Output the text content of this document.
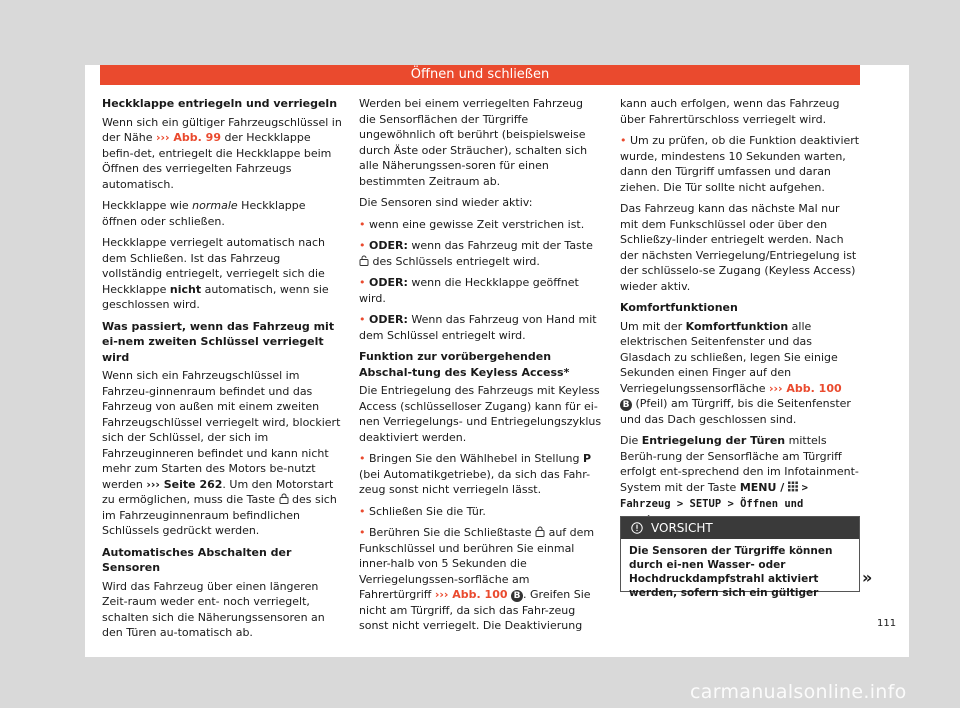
Öffnen und schließen
Heckklappe entriegeln und verriegeln

Wenn sich ein gültiger Fahrzeugschlüssel in der Nähe ››› Abb. 99 der Heckklappe befin-det, entriegelt die Heckklappe beim Öffnen des verriegelten Fahrzeugs automatisch.

Heckklappe wie normale Heckklappe öffnen oder schließen.

Heckklappe verriegelt automatisch nach dem Schließen. Ist das Fahrzeug vollständig entriegelt, verriegelt sich die Heckklappe nicht automatisch, wenn sie geschlossen wird.

Was passiert, wenn das Fahrzeug mit ei-nem zweiten Schlüssel verriegelt wird

Wenn sich ein Fahrzeugschlüssel im Fahrzeu-ginnenraum befindet und das Fahrzeug von außen mit einem zweiten Fahrzeugschlüssel verriegelt wird, blockiert sich der Schlüssel, der sich im Fahrzeuginneren befindet und kann nicht mehr zum Starten des Motors be-nutzt werden ››› Seite 262. Um den Motorstart zu ermöglichen, muss die Taste  des sich im Fahrzeuginnenraum befindlichen Schlüssels gedrückt werden.

Automatisches Abschalten der Sensoren

Wird das Fahrzeug über einen längeren Zeit-raum weder ent- noch verriegelt, schalten sich die Näherungssensoren an den Türen au-tomatisch ab.

Werden bei einem verriegelten Fahrzeug die Sensorflächen der Türgriffe ungewöhnlich oft berührt (beispielsweise durch Äste oder Sträucher), schalten sich alle Näherungssen-soren für einen bestimmten Zeitraum ab.

Die Sensoren sind wieder aktiv:

• wenn eine gewisse Zeit verstrichen ist.

• ODER: wenn das Fahrzeug mit der Taste  des Schlüssels entriegelt wird.

• ODER: wenn die Heckklappe geöffnet wird.

• ODER: Wenn das Fahrzeug von Hand mit dem Schlüssel entriegelt wird.

Funktion zur vorübergehenden Abschal-tung des Keyless Access*

Die Entriegelung des Fahrzeugs mit Keyless Access (schlüsselloser Zugang) kann für ei-nen Verriegelungs- und Entriegelungszyklus deaktiviert werden.

• Bringen Sie den Wählhebel in Stellung P (bei Automatikgetriebe), da sich das Fahr-zeug sonst nicht verriegeln lässt.

• Schließen Sie die Tür.

• Berühren Sie die Schließtaste  auf dem Funkschlüssel und berühren Sie einmal inner-halb von 5 Sekunden die Verriegelungssen-sorfläche am Fahrertürgriff ››› Abb. 100 B . Greifen Sie nicht am Türgriff, da sich das Fahr-zeug sonst nicht verriegelt. Die Deaktivierung

kann auch erfolgen, wenn das Fahrzeug über Fahrertürschloss verriegelt wird.

• Um zu prüfen, ob die Funktion deaktiviert wurde, mindestens 10 Sekunden warten, dann den Türgriff umfassen und daran ziehen. Die Tür sollte nicht aufgehen.

Das Fahrzeug kann das nächste Mal nur mit dem Funkschlüssel oder über den Schließzy-linder entriegelt werden. Nach der nächsten Verriegelung/Entriegelung ist der schlüsselo-se Zugang (Keyless Access) wieder aktiv.

Komfortfunktionen

Um mit der Komfortfunktion alle elektrischen Seitenfenster und das Glasdach zu schließen, legen Sie einige Sekunden einen Finger auf den Verriegelungssensorfläche ››› Abb. 100
B (Pfeil) am Türgriff, bis die Seitenfenster und das Dach geschlossen sind.

Die Entriegelung der Türen mittels Berüh-rung der Sensorfläche am Türgriff erfolgt ent-sprechend den im Infotainment-System mit der Taste MENU /  > Fahrzeug > SETUP > Öffnen und

VORSICHT
Die Sensoren der Türgriffe können durch ei-nen Wasser- oder Hochdruckdampfstrahl aktiviert werden, sofern sich ein gültiger
»
111
carmanualsonline.info
